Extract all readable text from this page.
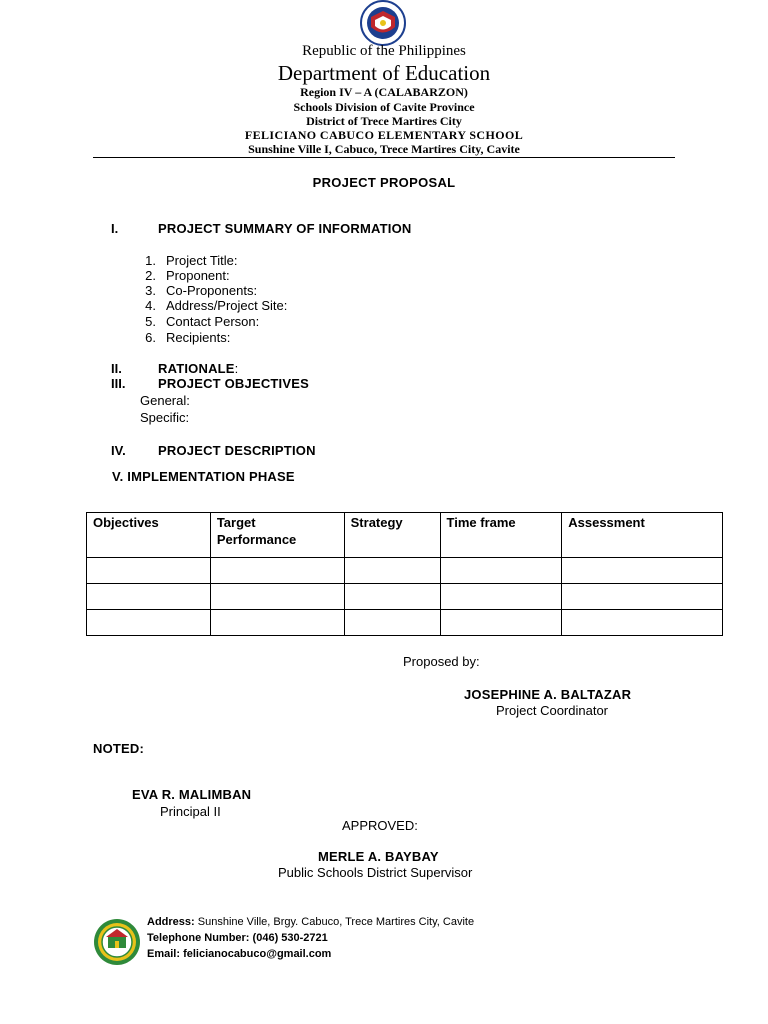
Republic of the Philippines
Department of Education
Region IV – A (CALABARZON)
Schools Division of Cavite Province
District of Trece Martires City
FELICIANO CABUCO ELEMENTARY SCHOOL
Sunshine Ville I, Cabuco, Trece Martires City, Cavite
PROJECT PROPOSAL
I.	PROJECT SUMMARY OF INFORMATION
1. Project Title:
2. Proponent:
3. Co-Proponents:
4. Address/Project Site:
5. Contact Person:
6. Recipients:
II.	RATIONALE:
III.	PROJECT OBJECTIVES
General:
Specific:
IV. PROJECT DESCRIPTION
V. IMPLEMENTATION PHASE
Objectives	Target Performance	Strategy	Time frame	Assessment

Proposed by:
JOSEPHINE A. BALTAZAR
Project Coordinator
NOTED:
EVA R. MALIMBAN
Principal II
APPROVED:
MERLE A. BAYBAY
Public Schools District Supervisor
Address: Sunshine Ville, Brgy. Cabuco, Trece Martires City, Cavite
Telephone Number: (046) 530-2721
Email: felicianocabuco@gmail.com
